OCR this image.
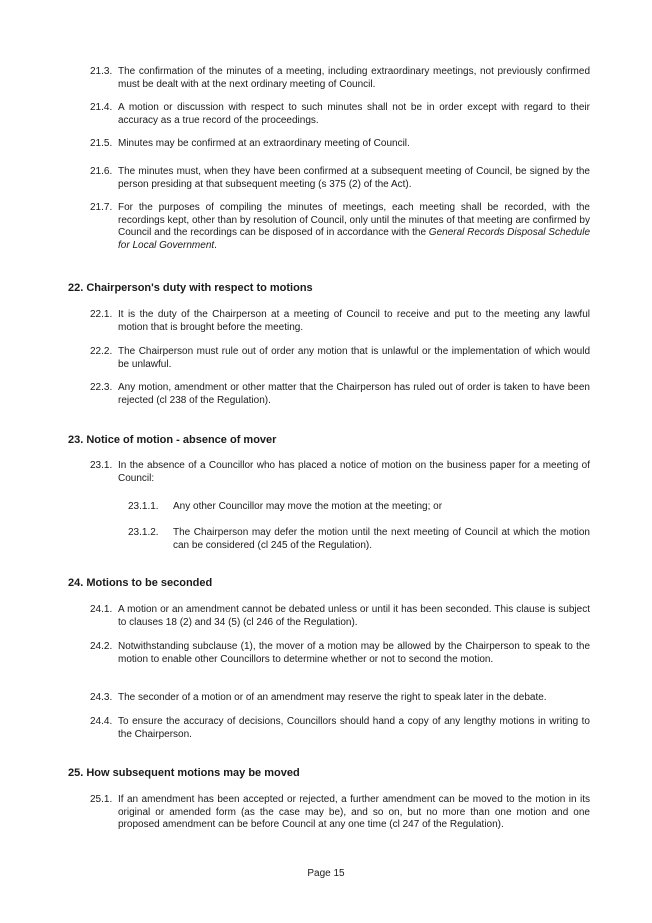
21.3. The confirmation of the minutes of a meeting, including extraordinary meetings, not previously confirmed must be dealt with at the next ordinary meeting of Council.
21.4. A motion or discussion with respect to such minutes shall not be in order except with regard to their accuracy as a true record of the proceedings.
21.5. Minutes may be confirmed at an extraordinary meeting of Council.
21.6. The minutes must, when they have been confirmed at a subsequent meeting of Council, be signed by the person presiding at that subsequent meeting (s 375 (2) of the Act).
21.7. For the purposes of compiling the minutes of meetings, each meeting shall be recorded, with the recordings kept, other than by resolution of Council, only until the minutes of that meeting are confirmed by Council and the recordings can be disposed of in accordance with the General Records Disposal Schedule for Local Government.
22. Chairperson's duty with respect to motions
22.1. It is the duty of the Chairperson at a meeting of Council to receive and put to the meeting any lawful motion that is brought before the meeting.
22.2. The Chairperson must rule out of order any motion that is unlawful or the implementation of which would be unlawful.
22.3. Any motion, amendment or other matter that the Chairperson has ruled out of order is taken to have been rejected (cl 238 of the Regulation).
23. Notice of motion - absence of mover
23.1. In the absence of a Councillor who has placed a notice of motion on the business paper for a meeting of Council:
23.1.1. Any other Councillor may move the motion at the meeting; or
23.1.2. The Chairperson may defer the motion until the next meeting of Council at which the motion can be considered (cl 245 of the Regulation).
24. Motions to be seconded
24.1. A motion or an amendment cannot be debated unless or until it has been seconded. This clause is subject to clauses 18 (2) and 34 (5) (cl 246 of the Regulation).
24.2. Notwithstanding subclause (1), the mover of a motion may be allowed by the Chairperson to speak to the motion to enable other Councillors to determine whether or not to second the motion.
24.3. The seconder of a motion or of an amendment may reserve the right to speak later in the debate.
24.4. To ensure the accuracy of decisions, Councillors should hand a copy of any lengthy motions in writing to the Chairperson.
25. How subsequent motions may be moved
25.1. If an amendment has been accepted or rejected, a further amendment can be moved to the motion in its original or amended form (as the case may be), and so on, but no more than one motion and one proposed amendment can be before Council at any one time (cl 247 of the Regulation).
Page 15
